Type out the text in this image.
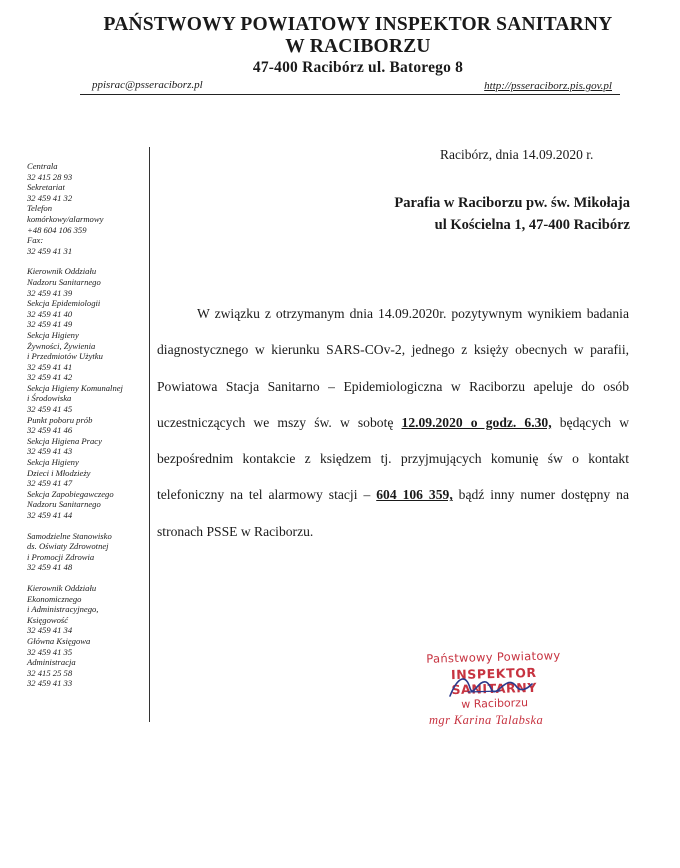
PAŃSTWOWY POWIATOWY INSPEKTOR SANITARNY
W RACIBORZU
47-400 Racibórz ul. Batorego 8
ppisrac@psseraciborz.pl	http://psseraciborz.pis.gov.pl
Centrala
32 415 28 93
Sekretariat
32 459 41 32
Telefon
komórkowy/alarmowy
+48 604 106 359
Fax:
32 459 41 31
Kierownik Oddziału
Nadzoru Sanitarnego
32 459 41 39
Sekcja Epidemiologii
32 459 41 40
32 459 41 49
Sekcja Higieny
Żywności, Żywienia
i Przedmiotów Użytku
32 459 41 41
32 459 41 42
Sekcja Higieny Komunalnej
i Środowiska
32 459 41 45
Punkt poboru prób
32 459 41 46
Sekcja Higiena Pracy
32 459 41 43
Sekcja Higieny
Dzieci i Młodzieży
32 459 41 47
Sekcja Zapobiegawczego
Nadzoru Sanitarnego
32 459 41 44
Samodzielne Stanowisko
ds. Oświaty Zdrowotnej
i Promocji Zdrowia
32 459 41 48
Kierownik Oddziału
Ekonomicznego
i Administracyjnego,
Księgowość
32 459 41 34
Główna Księgowa
32 459 41 35
Administracja
32 415 25 58
32 459 41 33
Racibórz, dnia 14.09.2020 r.
Parafia w Raciborzu pw. św. Mikołaja
ul Kościelna 1, 47-400 Racibórz
W związku z otrzymanym dnia 14.09.2020r. pozytywnym wynikiem badania diagnostycznego w kierunku SARS-COv-2, jednego z księży obecnych w parafii, Powiatowa Stacja Sanitarno – Epidemiologiczna w Raciborzu apeluje do osób uczestniczących we mszy św. w sobotę 12.09.2020 o godz. 6.30, będących w bezpośrednim kontakcie z księdzem tj. przyjmujących komunię św o kontakt telefoniczny na tel alarmowy stacji – 604 106 359, bądź inny numer dostępny na stronach PSSE w Raciborzu.
Państwowy Powiatowy
INSPEKTOR SANITARNY
w Raciborzu
mgr Karina Talabska
